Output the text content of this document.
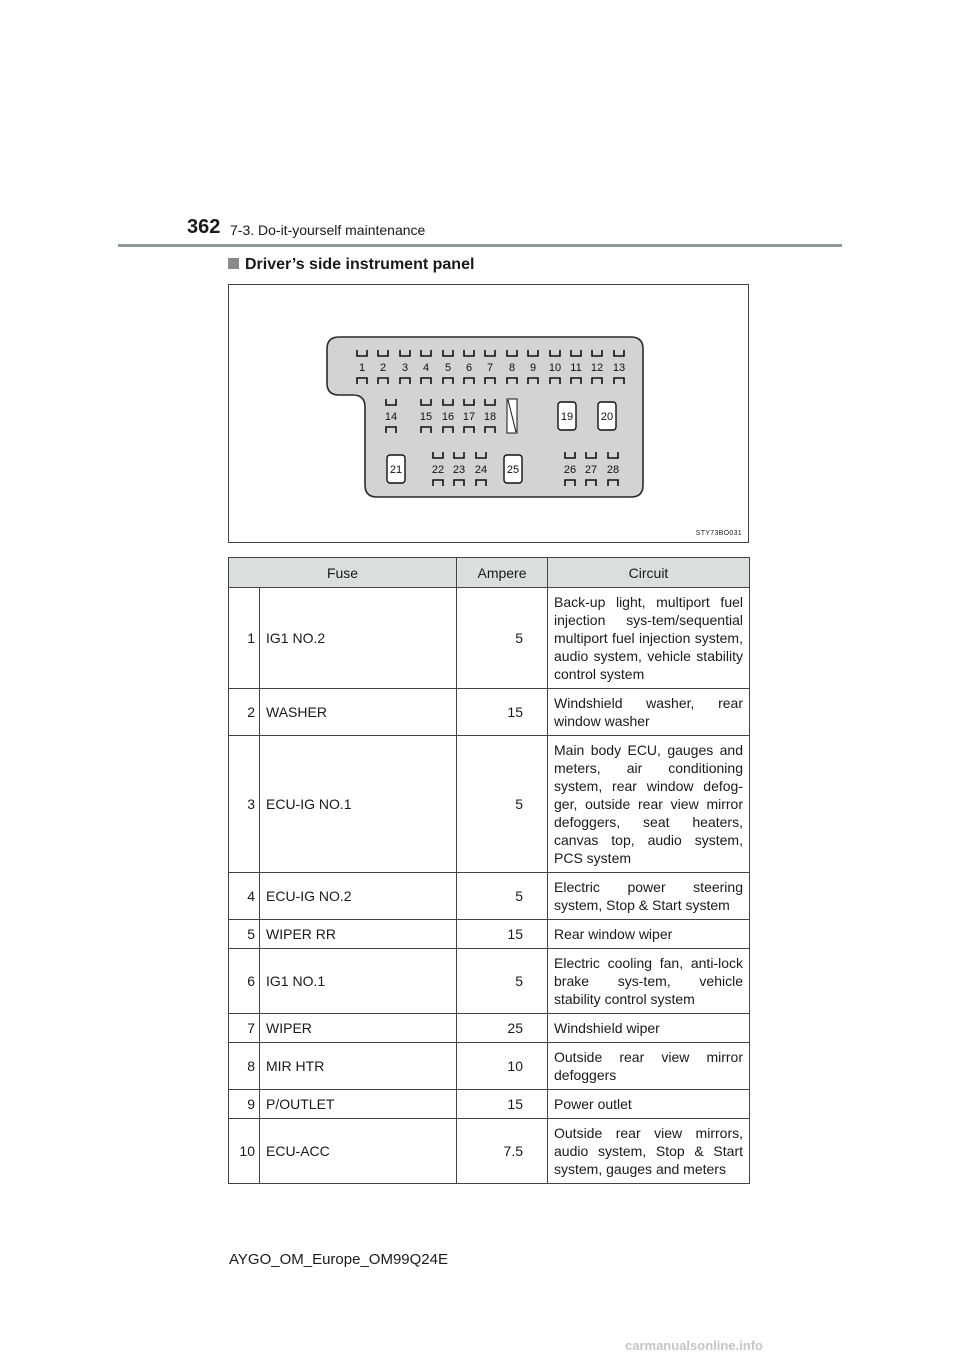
362 7-3. Do-it-yourself maintenance
Driver’s side instrument panel
1 2 3 4 5 6 7 8 9 10 11 12 13
14 15 16 17 18	19	20
21	22 23 24 25	26 27 28
STY73BO031
Fuse		Ampere	Circuit
1	IG1 NO.2	5	Back-up light, multiport fuel injection sys-tem/sequential multiport fuel injection system, audio system, vehicle stability control system
2	WASHER	15	Windshield washer, rear window washer
3	ECU-IG NO.1	5	Main body ECU, gauges and meters, air conditioning system, rear window defog-ger, outside rear view mirror defoggers, seat heaters, canvas top, audio system, PCS system
4	ECU-IG NO.2	5	Electric power steering system, Stop & Start system
5	WIPER RR	15	Rear window wiper
6	IG1 NO.1	5	Electric cooling fan, anti-lock brake sys-tem, vehicle stability control system
7	WIPER	25	Windshield wiper
8	MIR HTR	10	Outside rear view mirror defoggers
9	P/OUTLET	15	Power outlet
10	ECU-ACC	7.5	Outside rear view mirrors, audio system, Stop & Start system, gauges and meters
AYGO_OM_Europe_OM99Q24E
carmanualsonline.info
